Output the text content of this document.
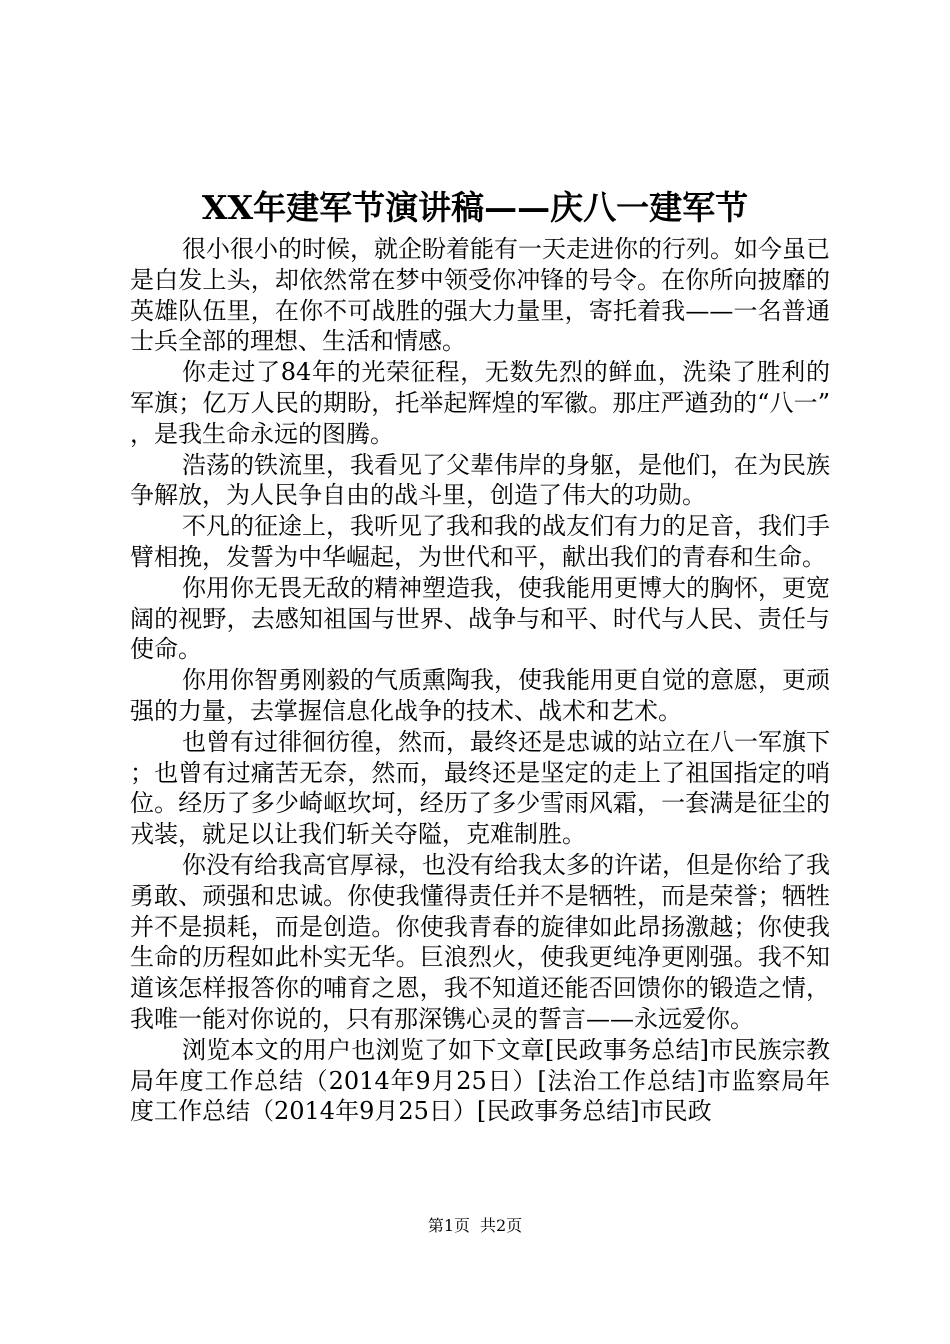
XX年建军节演讲稿——庆八一建军节

很小很小的时候，就企盼着能有一天走进你的行列。如今虽已是白发上头，却依然常在梦中领受你冲锋的号令。在你所向披靡的英雄队伍里，在你不可战胜的强大力量里，寄托着我——一名普通士兵全部的理想、生活和情感。

你走过了84年的光荣征程，无数先烈的鲜血，洗染了胜利的军旗；亿万人民的期盼，托举起辉煌的军徽。那庄严遒劲的“八一”，是我生命永远的图腾。

浩荡的铁流里，我看见了父辈伟岸的身躯，是他们，在为民族争解放，为人民争自由的战斗里，创造了伟大的功勋。

不凡的征途上，我听见了我和我的战友们有力的足音，我们手臂相挽，发誓为中华崛起，为世代和平，献出我们的青春和生命。

你用你无畏无敌的精神塑造我，使我能用更博大的胸怀，更宽阔的视野，去感知祖国与世界、战争与和平、时代与人民、责任与使命。

你用你智勇刚毅的气质熏陶我，使我能用更自觉的意愿，更顽强的力量，去掌握信息化战争的技术、战术和艺术。

也曾有过徘徊彷徨，然而，最终还是忠诚的站立在八一军旗下；也曾有过痛苦无奈，然而，最终还是坚定的走上了祖国指定的哨位。经历了多少崎岖坎坷，经历了多少雪雨风霜，一套满是征尘的戎装，就足以让我们斩关夺隘，克难制胜。

你没有给我高官厚禄，也没有给我太多的许诺，但是你给了我勇敢、顽强和忠诚。你使我懂得责任并不是牺牲，而是荣誉；牺牲并不是损耗，而是创造。你使我青春的旋律如此昂扬激越；你使我生命的历程如此朴实无华。巨浪烈火，使我更纯净更刚强。我不知道该怎样报答你的哺育之恩，我不知道还能否回馈你的锻造之情，我唯一能对你说的，只有那深镌心灵的誓言——永远爱你。

浏览本文的用户也浏览了如下文章[民政事务总结]市民族宗教局年度工作总结（2014年9月25日）[法治工作总结]市监察局年度工作总结（2014年9月25日）[民政事务总结]市民政

第1页 共2页
